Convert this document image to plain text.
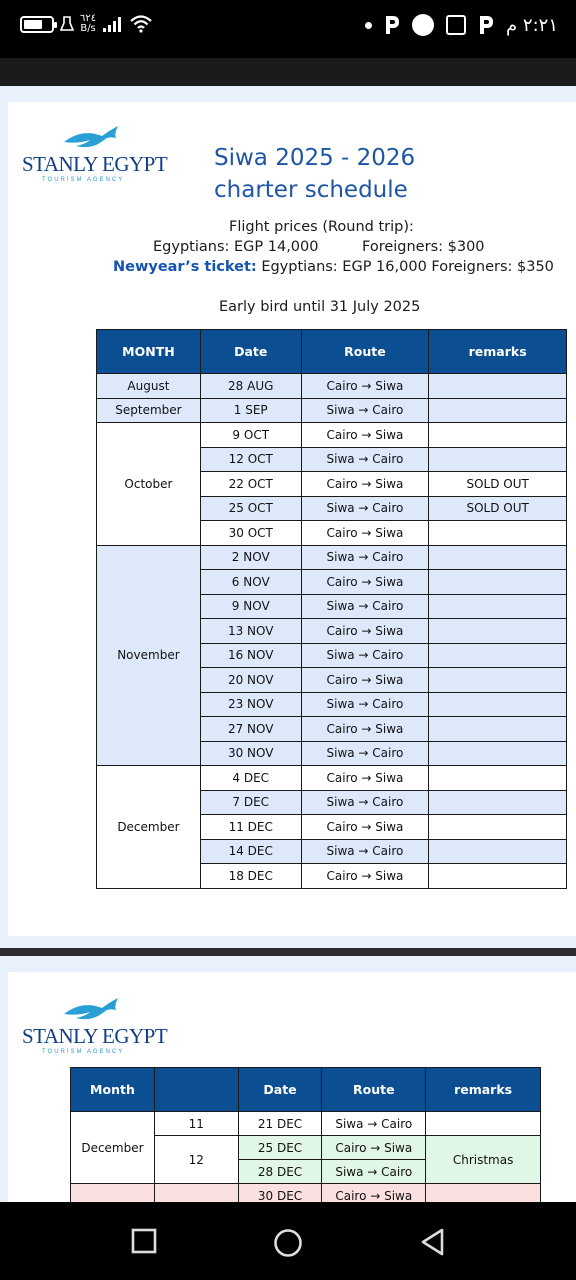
٦٢٤
B/s	٢:٢١ م
STANLY EGYPT
TOURISM AGENCY
Siwa 2025 - 2026
charter schedule
Flight prices (Round trip):
Egyptians: EGP 14,000	Foreigners: $300
Newyear’s ticket: Egyptians: EGP 16,000 Foreigners: $350
Early bird until 31 July 2025
MONTH	Date	Route	remarks
August	28 AUG	Cairo → Siwa	
September	1 SEP	Siwa → Cairo	
October	9 OCT	Cairo → Siwa	
	12 OCT	Siwa → Cairo	
	22 OCT	Cairo → Siwa	SOLD OUT
	25 OCT	Siwa → Cairo	SOLD OUT
	30 OCT	Cairo → Siwa	
November	2 NOV	Siwa → Cairo	
	6 NOV	Cairo → Siwa	
	9 NOV	Siwa → Cairo	
	13 NOV	Cairo → Siwa	
	16 NOV	Siwa → Cairo	
	20 NOV	Cairo → Siwa	
	23 NOV	Siwa → Cairo	
	27 NOV	Cairo → Siwa	
	30 NOV	Siwa → Cairo	
December	4 DEC	Cairo → Siwa	
	7 DEC	Siwa → Cairo	
	11 DEC	Cairo → Siwa	
	14 DEC	Siwa → Cairo	
	18 DEC	Cairo → Siwa	
STANLY EGYPT
TOURISM AGENCY
Month		Date	Route	remarks
December	11	21 DEC	Siwa → Cairo	
	12	25 DEC	Cairo → Siwa	Christmas
		28 DEC	Siwa → Cairo	
		30 DEC	Cairo → Siwa	
